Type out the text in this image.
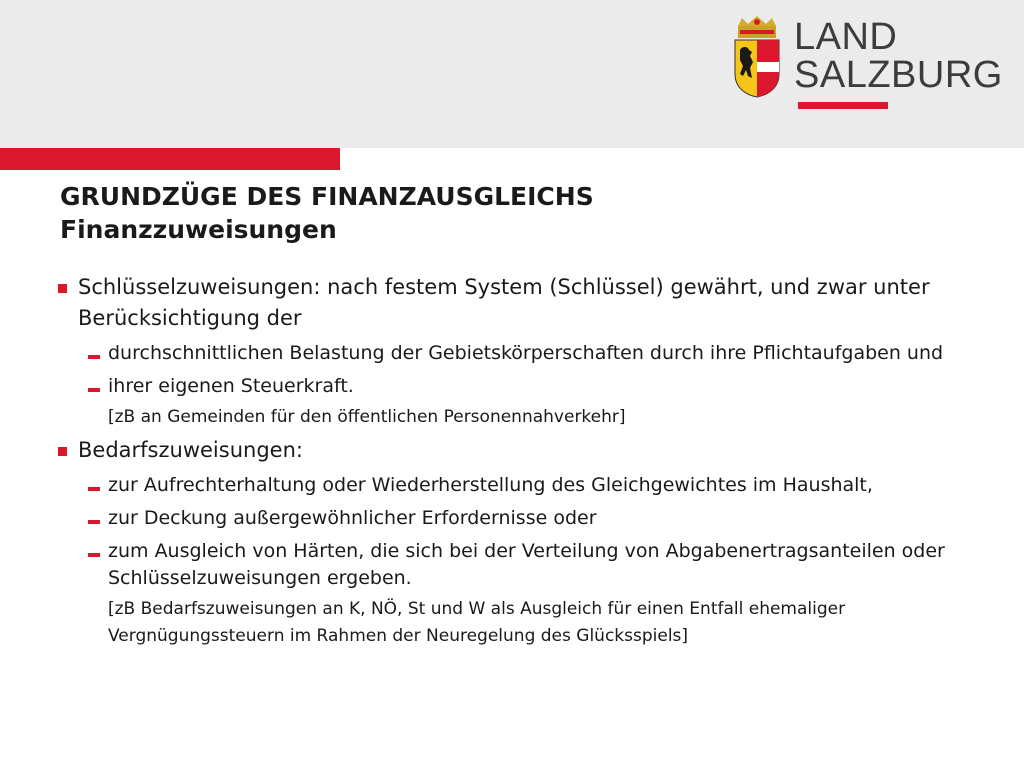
LAND
SALZBURG
GRUNDZÜGE DES FINANZAUSGLEICHS
Finanzzuweisungen
Schlüsselzuweisungen: nach festem System (Schlüssel) gewährt, und zwar unter Berücksichtigung der
durchschnittlichen Belastung der Gebietskörperschaften durch ihre Pflichtaufgaben und
ihrer eigenen Steuerkraft.
[zB an Gemeinden für den öffentlichen Personennahverkehr]
Bedarfszuweisungen:
zur Aufrechterhaltung oder Wiederherstellung des Gleichgewichtes im Haushalt,
zur Deckung außergewöhnlicher Erfordernisse oder
zum Ausgleich von Härten, die sich bei der Verteilung von Abgabenertragsanteilen oder Schlüsselzuweisungen ergeben.
[zB Bedarfszuweisungen an K, NÖ, St und W als Ausgleich für einen Entfall ehemaliger Vergnügungssteuern im Rahmen der Neuregelung des Glücksspiels]
